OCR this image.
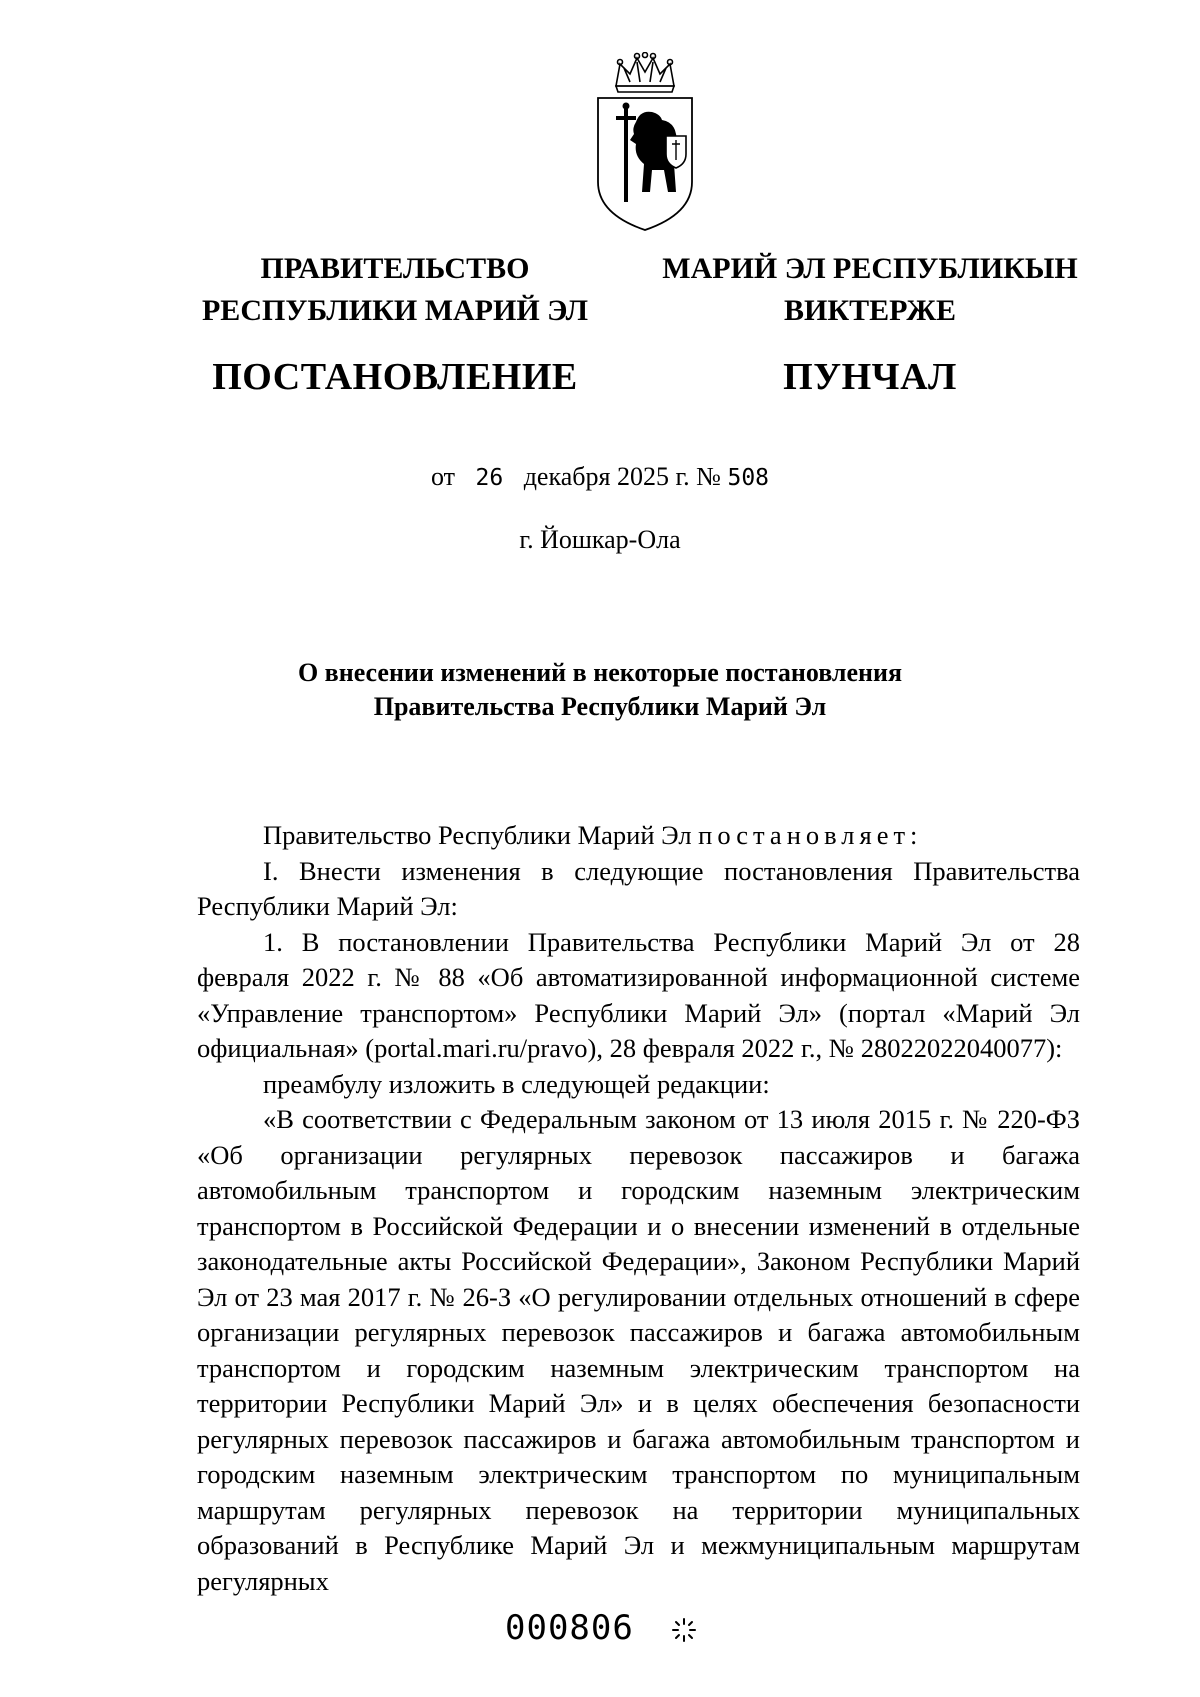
ПРАВИТЕЛЬСТВО
РЕСПУБЛИКИ МАРИЙ ЭЛ
ПОСТАНОВЛЕНИЕ
МАРИЙ ЭЛ РЕСПУБЛИКЫН
ВИКТЕРЖЕ
ПУНЧАЛ
от 26 декабря 2025 г. № 508
г. Йошкар-Ола
О внесении изменений в некоторые постановления
Правительства Республики Марий Эл

Правительство Республики Марий Эл постановляет:

I. Внести изменения в следующие постановления Правительства Республики Марий Эл:

1. В постановлении Правительства Республики Марий Эл от 28 февраля 2022 г. № 88 «Об автоматизированной информационной системе «Управление транспортом» Республики Марий Эл» (портал «Марий Эл официальная» (portal.mari.ru/pravo), 28 февраля 2022 г., № 28022022040077):

преамбулу изложить в следующей редакции:

«В соответствии с Федеральным законом от 13 июля 2015 г. № 220-ФЗ «Об организации регулярных перевозок пассажиров и багажа автомобильным транспортом и городским наземным электрическим транспортом в Российской Федерации и о внесении изменений в отдельные законодательные акты Российской Федерации», Законом Республики Марий Эл от 23 мая 2017 г. № 26-З «О регулировании отдельных отношений в сфере организации регулярных перевозок пассажиров и багажа автомобильным транспортом и городским наземным электрическим транспортом на территории Республики Марий Эл» и в целях обеспечения безопасности регулярных перевозок пассажиров и багажа автомобильным транспортом и городским наземным электрическим транспортом по муниципальным маршрутам регулярных перевозок на территории муниципальных образований в Республике Марий Эл и межмуниципальным маршрутам регулярных

000806
